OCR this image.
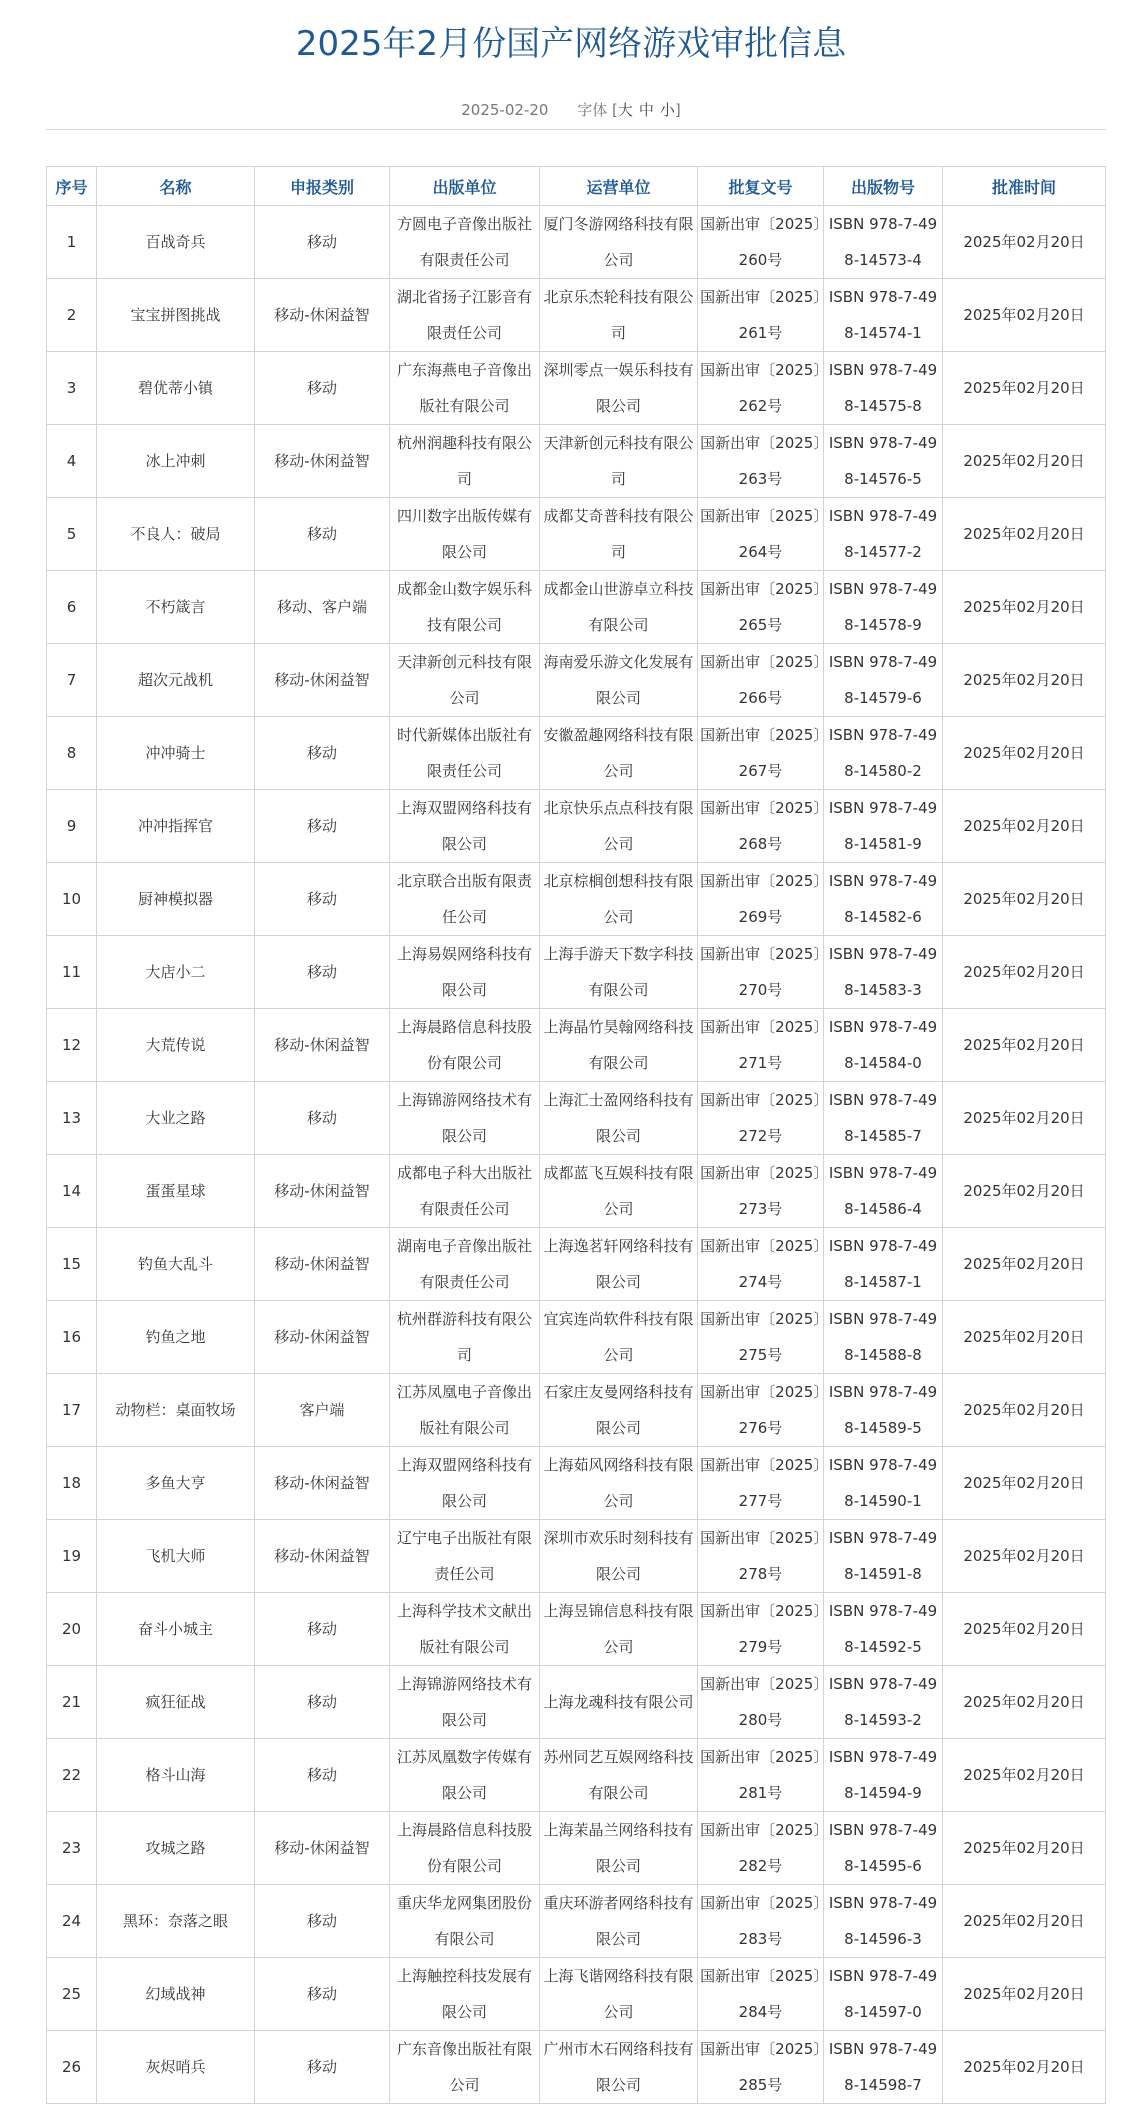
2025年2月份国产网络游戏审批信息
2025-02-20 字体 [大 中 小]
序号	名称	申报类别	出版单位	运营单位	批复文号	出版物号	批准时间
1	百战奇兵	移动	方圆电子音像出版社有限责任公司	厦门冬游网络科技有限公司	国新出审〔2025〕260号	ISBN 978-7-498-14573-4	2025年02月20日
2	宝宝拼图挑战	移动-休闲益智	湖北省扬子江影音有限责任公司	北京乐杰轮科技有限公司	国新出审〔2025〕261号	ISBN 978-7-498-14574-1	2025年02月20日
3	碧优蒂小镇	移动	广东海燕电子音像出版社有限公司	深圳零点一娱乐科技有限公司	国新出审〔2025〕262号	ISBN 978-7-498-14575-8	2025年02月20日
4	冰上冲刺	移动-休闲益智	杭州润趣科技有限公司	天津新创元科技有限公司	国新出审〔2025〕263号	ISBN 978-7-498-14576-5	2025年02月20日
5	不良人：破局	移动	四川数字出版传媒有限公司	成都艾奇普科技有限公司	国新出审〔2025〕264号	ISBN 978-7-498-14577-2	2025年02月20日
6	不朽箴言	移动、客户端	成都金山数字娱乐科技有限公司	成都金山世游卓立科技有限公司	国新出审〔2025〕265号	ISBN 978-7-498-14578-9	2025年02月20日
7	超次元战机	移动-休闲益智	天津新创元科技有限公司	海南爱乐游文化发展有限公司	国新出审〔2025〕266号	ISBN 978-7-498-14579-6	2025年02月20日
8	冲冲骑士	移动	时代新媒体出版社有限责任公司	安徽盈趣网络科技有限公司	国新出审〔2025〕267号	ISBN 978-7-498-14580-2	2025年02月20日
9	冲冲指挥官	移动	上海双盟网络科技有限公司	北京快乐点点科技有限公司	国新出审〔2025〕268号	ISBN 978-7-498-14581-9	2025年02月20日
10	厨神模拟器	移动	北京联合出版有限责任公司	北京棕榈创想科技有限公司	国新出审〔2025〕269号	ISBN 978-7-498-14582-6	2025年02月20日
11	大店小二	移动	上海易娱网络科技有限公司	上海手游天下数字科技有限公司	国新出审〔2025〕270号	ISBN 978-7-498-14583-3	2025年02月20日
12	大荒传说	移动-休闲益智	上海晨路信息科技股份有限公司	上海晶竹昊翰网络科技有限公司	国新出审〔2025〕271号	ISBN 978-7-498-14584-0	2025年02月20日
13	大业之路	移动	上海锦游网络技术有限公司	上海汇士盈网络科技有限公司	国新出审〔2025〕272号	ISBN 978-7-498-14585-7	2025年02月20日
14	蛋蛋星球	移动-休闲益智	成都电子科大出版社有限责任公司	成都蓝飞互娱科技有限公司	国新出审〔2025〕273号	ISBN 978-7-498-14586-4	2025年02月20日
15	钓鱼大乱斗	移动-休闲益智	湖南电子音像出版社有限责任公司	上海逸茗轩网络科技有限公司	国新出审〔2025〕274号	ISBN 978-7-498-14587-1	2025年02月20日
16	钓鱼之地	移动-休闲益智	杭州群游科技有限公司	宜宾连尚软件科技有限公司	国新出审〔2025〕275号	ISBN 978-7-498-14588-8	2025年02月20日
17	动物栏：桌面牧场	客户端	江苏凤凰电子音像出版社有限公司	石家庄友曼网络科技有限公司	国新出审〔2025〕276号	ISBN 978-7-498-14589-5	2025年02月20日
18	多鱼大亨	移动-休闲益智	上海双盟网络科技有限公司	上海茹风网络科技有限公司	国新出审〔2025〕277号	ISBN 978-7-498-14590-1	2025年02月20日
19	飞机大师	移动-休闲益智	辽宁电子出版社有限责任公司	深圳市欢乐时刻科技有限公司	国新出审〔2025〕278号	ISBN 978-7-498-14591-8	2025年02月20日
20	奋斗小城主	移动	上海科学技术文献出版社有限公司	上海昱锦信息科技有限公司	国新出审〔2025〕279号	ISBN 978-7-498-14592-5	2025年02月20日
21	疯狂征战	移动	上海锦游网络技术有限公司	上海龙魂科技有限公司	国新出审〔2025〕280号	ISBN 978-7-498-14593-2	2025年02月20日
22	格斗山海	移动	江苏凤凰数字传媒有限公司	苏州同艺互娱网络科技有限公司	国新出审〔2025〕281号	ISBN 978-7-498-14594-9	2025年02月20日
23	攻城之路	移动-休闲益智	上海晨路信息科技股份有限公司	上海茉晶兰网络科技有限公司	国新出审〔2025〕282号	ISBN 978-7-498-14595-6	2025年02月20日
24	黑环：奈落之眼	移动	重庆华龙网集团股份有限公司	重庆环游者网络科技有限公司	国新出审〔2025〕283号	ISBN 978-7-498-14596-3	2025年02月20日
25	幻域战神	移动	上海触控科技发展有限公司	上海飞谐网络科技有限公司	国新出审〔2025〕284号	ISBN 978-7-498-14597-0	2025年02月20日
26	灰烬哨兵	移动	广东音像出版社有限公司	广州市木石网络科技有限公司	国新出审〔2025〕285号	ISBN 978-7-498-14598-7	2025年02月20日
